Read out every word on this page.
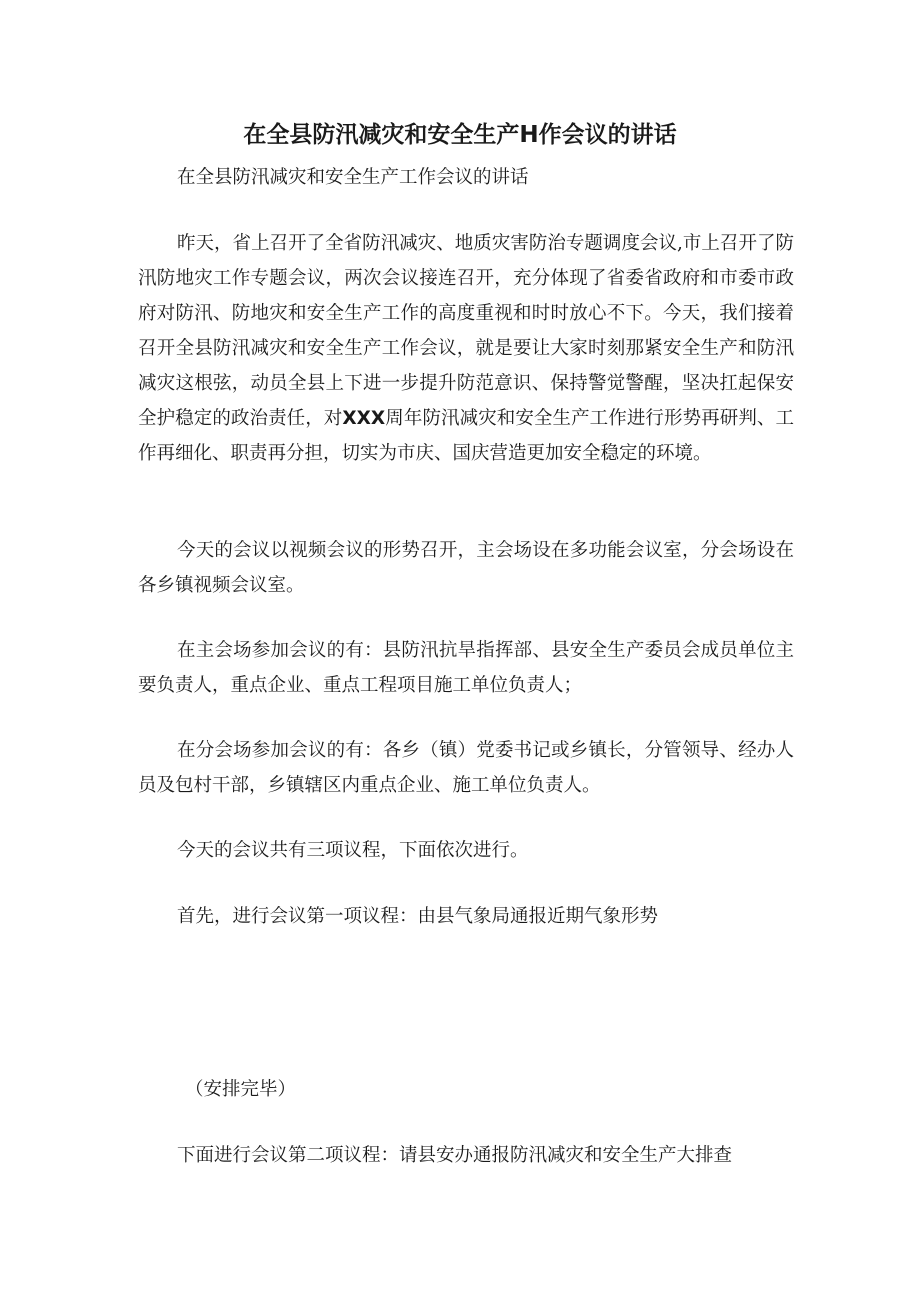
在全县防汛减灾和安全生产H作会议的讲话

在全县防汛减灾和安全生产工作会议的讲话

昨天，省上召开了全省防汛减灾、地质灾害防治专题调度会议,市上召开了防汛防地灾工作专题会议，两次会议接连召开，充分体现了省委省政府和市委市政府对防汛、防地灾和安全生产工作的高度重视和时时放心不下。今天，我们接着召开全县防汛减灾和安全生产工作会议，就是要让大家时刻那紧安全生产和防汛减灾这根弦，动员全县上下进一步提升防范意识、保持警觉警醒，坚决扛起保安全护稳定的政治责任，对XXX周年防汛减灾和安全生产工作进行形势再研判、工作再细化、职责再分担，切实为市庆、国庆营造更加安全稳定的环境。

今天的会议以视频会议的形势召开，主会场设在多功能会议室，分会场设在各乡镇视频会议室。

在主会场参加会议的有：县防汛抗旱指挥部、县安全生产委员会成员单位主要负责人，重点企业、重点工程项目施工单位负责人；

在分会场参加会议的有：各乡（镇）党委书记或乡镇长，分管领导、经办人员及包村干部，乡镇辖区内重点企业、施工单位负责人。

今天的会议共有三项议程，下面依次进行。

首先，进行会议第一项议程：由县气象局通报近期气象形势

（安排完毕）

下面进行会议第二项议程：请县安办通报防汛减灾和安全生产大排查
